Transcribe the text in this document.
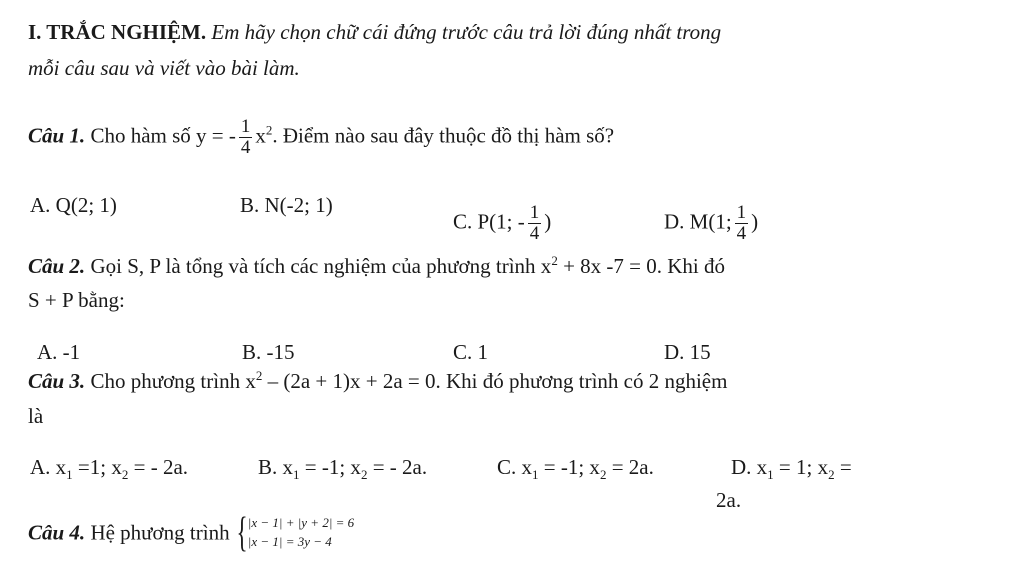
I. TRẮC NGHIỆM. Em hãy chọn chữ cái đứng trước câu trả lời đúng nhất trong
mỗi câu sau và viết vào bài làm.
Câu 1. Cho hàm số y = - $\frac{1}{4} x^2$. Điểm nào sau đây thuộc đồ thị hàm số?
A. Q(2; 1)	B. N(-2; 1)
C. P(1; - $\frac{1}{4}$ )	D. M(1; $\frac{1}{4}$ )
Câu 2. Gọi S, P là tổng và tích các nghiệm của phương trình $x^2 + 8x$ -7 = 0. Khi đó
S + P bằng:
A. -1	B. -15	C. 1	D. 15
Câu 3. Cho phương trình $x^2 - (2a + 1)x + 2a = 0$. Khi đó phương trình có 2 nghiệm
là
A. $x_1 =1$; $x_2$ = - 2a.	B. $x_1 = -1$; $x_2$ = - 2a.	C. $x_1 = -1$; $x_2 = 2a$.	D. $x_1 = 1$; $x_2$ =
2a.
Câu 4. Hệ phương trình { |x − 1| + |y + 2| = 6
|x − 1| = 3y − 4
